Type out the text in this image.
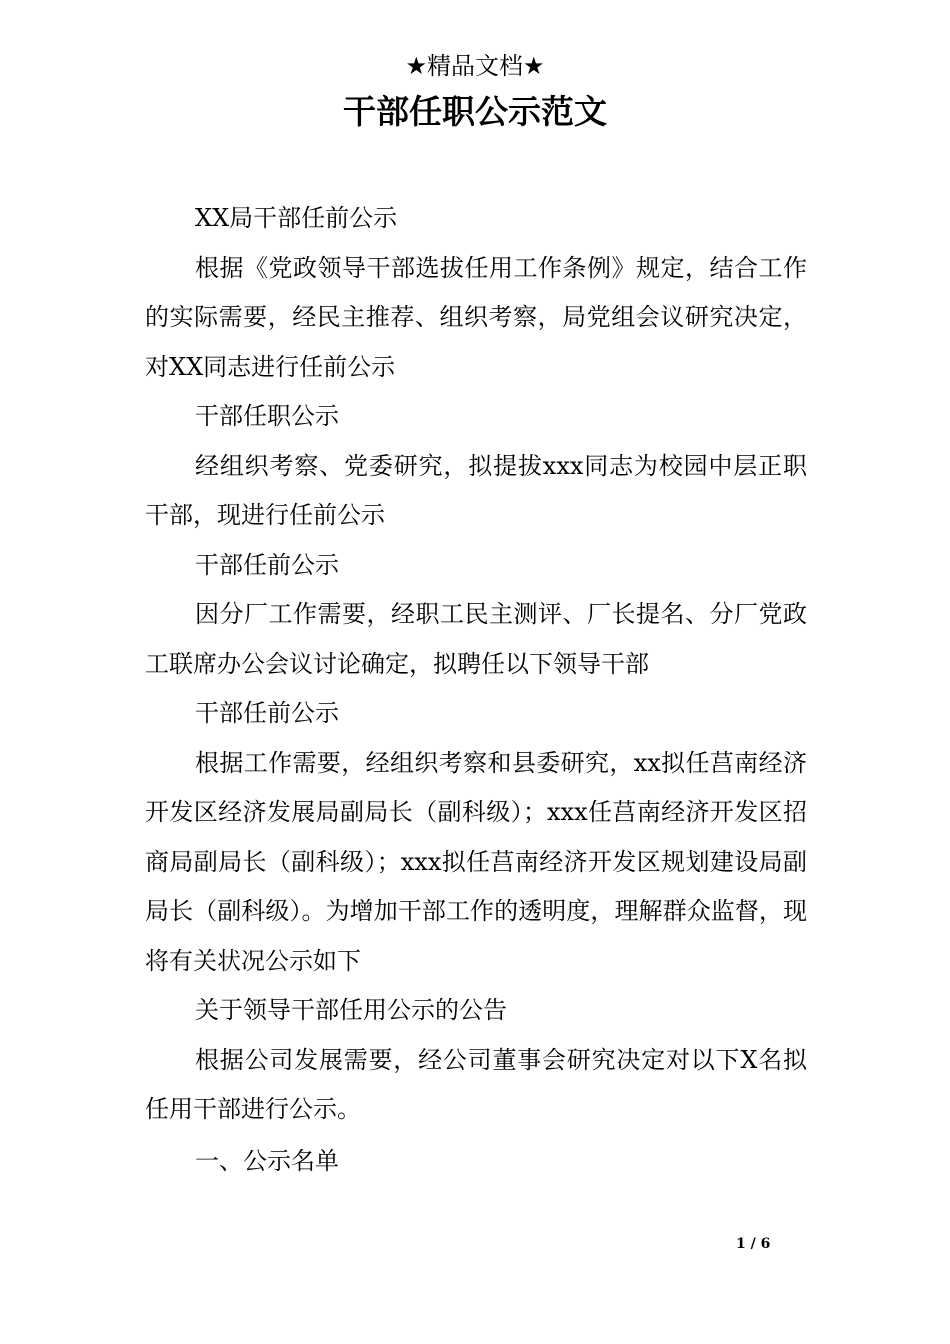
★精品文档★
干部任职公示范文

XX局干部任前公示

根据《党政领导干部选拔任用工作条例》规定，结合工作的实际需要，经民主推荐、组织考察，局党组会议研究决定，对XX同志进行任前公示

干部任职公示

经组织考察、党委研究，拟提拔xxx同志为校园中层正职干部，现进行任前公示

干部任前公示

因分厂工作需要，经职工民主测评、厂长提名、分厂党政工联席办公会议讨论确定，拟聘任以下领导干部

干部任前公示

根据工作需要，经组织考察和县委研究，xx拟任莒南经济开发区经济发展局副局长（副科级）；xxx任莒南经济开发区招商局副局长（副科级）；xxx拟任莒南经济开发区规划建设局副局长（副科级）。为增加干部工作的透明度，理解群众监督，现将有关状况公示如下

关于领导干部任用公示的公告

根据公司发展需要，经公司董事会研究决定对以下X名拟任用干部进行公示。

一、公示名单

1 / 6
